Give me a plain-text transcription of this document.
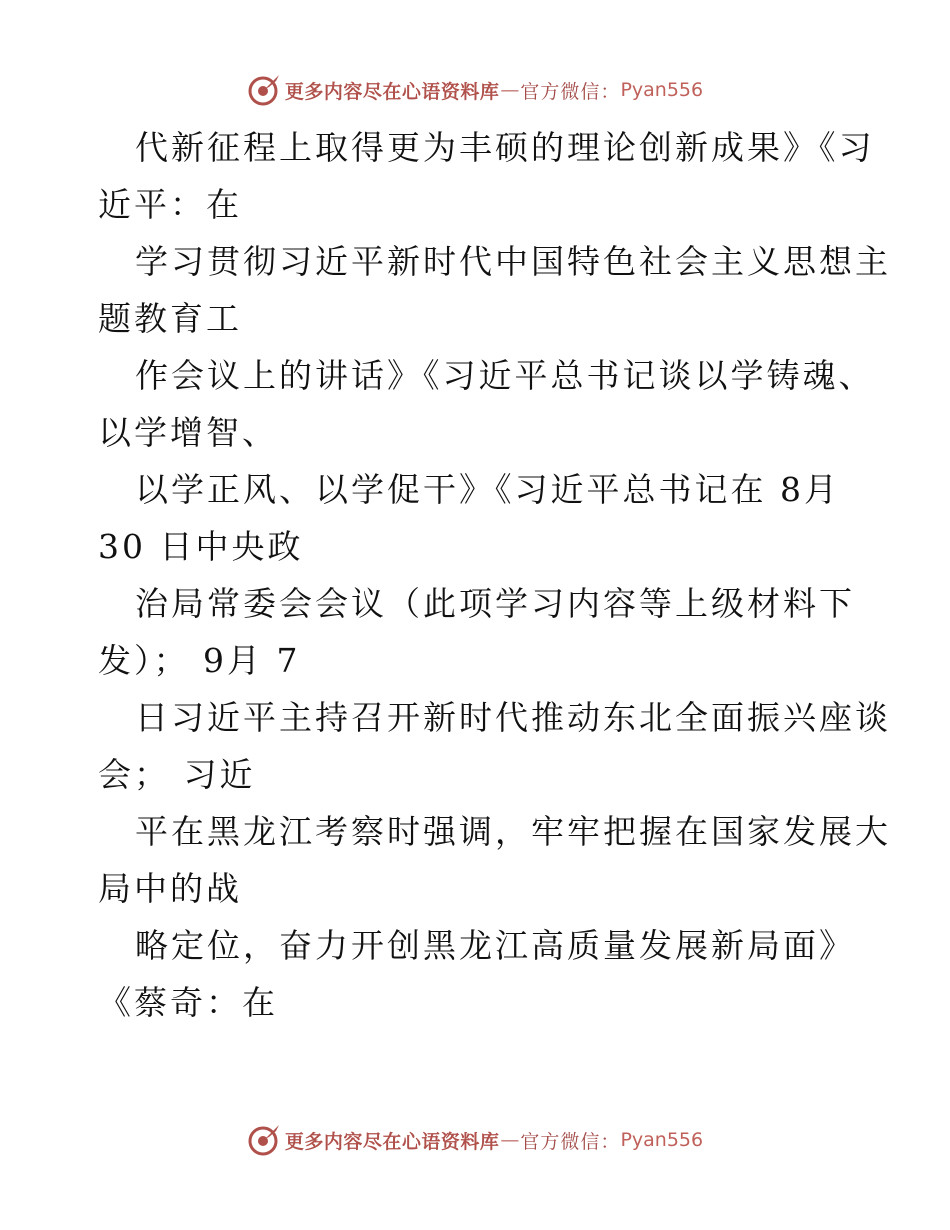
更多内容尽在心语资料库 — 官方微信： Pyan556
代新征程上取得更为丰硕的理论创新成果》《习
近平：在
学习贯彻习近平新时代中国特色社会主义思想主
题教育工
作会议上的讲话》《习近平总书记谈以学铸魂、
以学增智、
以学正风、以学促干》《习近平总书记在 8月
30 日中央政
治局常委会会议（此项学习内容等上级材料下
发）； 9月 7
日习近平主持召开新时代推动东北全面振兴座谈
会； 习近
平在黑龙江考察时强调，牢牢把握在国家发展大
局中的战
略定位，奋力开创黑龙江高质量发展新局面》
《蔡奇：在
更多内容尽在心语资料库 — 官方微信： Pyan556
